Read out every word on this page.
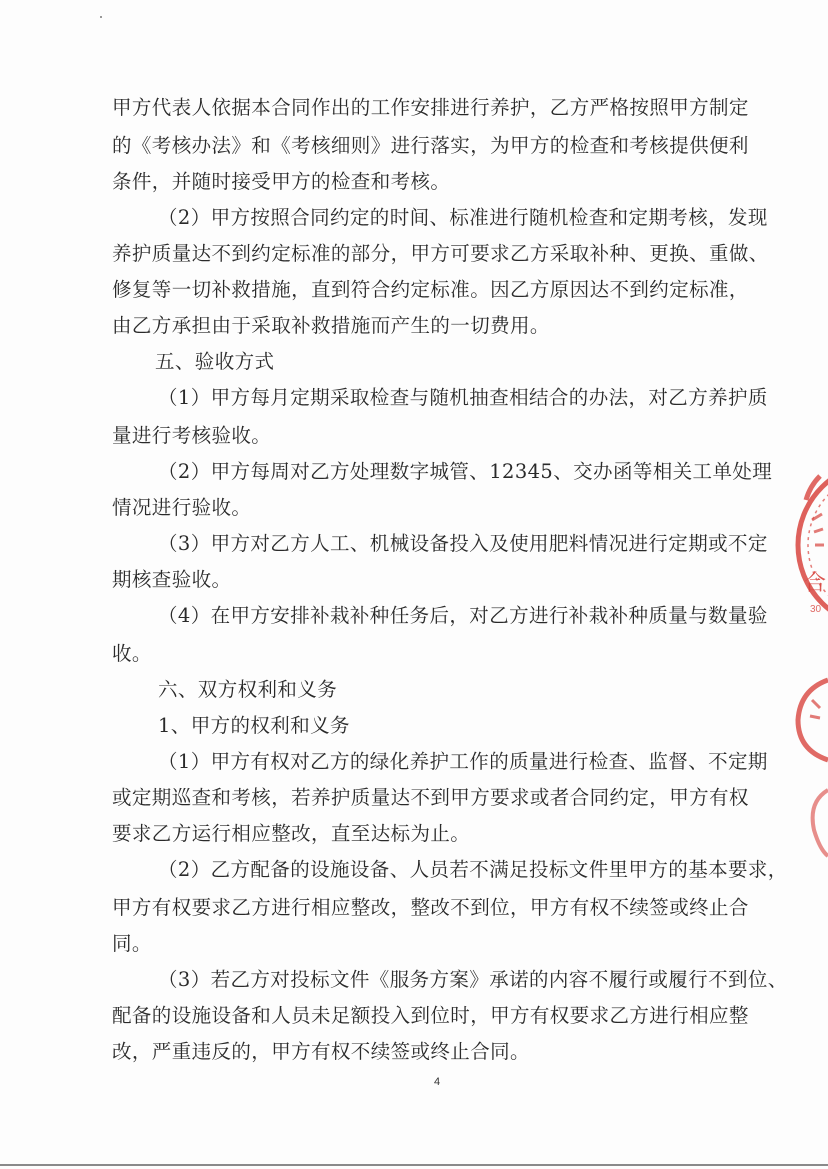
甲方代表人依据本合同作出的工作安排进行养护，乙方严格按照甲方制定
的《考核办法》和《考核细则》进行落实，为甲方的检查和考核提供便利
条件，并随时接受甲方的检查和考核。
（2）甲方按照合同约定的时间、标准进行随机检查和定期考核，发现
养护质量达不到约定标准的部分，甲方可要求乙方采取补种、更换、重做、
修复等一切补救措施，直到符合约定标准。因乙方原因达不到约定标准，
由乙方承担由于采取补救措施而产生的一切费用。
五、验收方式
（1）甲方每月定期采取检查与随机抽查相结合的办法，对乙方养护质
量进行考核验收。
（2）甲方每周对乙方处理数字城管、12345、交办函等相关工单处理
情况进行验收。
（3）甲方对乙方人工、机械设备投入及使用肥料情况进行定期或不定
期核查验收。
（4）在甲方安排补栽补种任务后，对乙方进行补栽补种质量与数量验
收。
六、双方权利和义务
1、甲方的权利和义务
（1）甲方有权对乙方的绿化养护工作的质量进行检查、监督、不定期
或定期巡查和考核，若养护质量达不到甲方要求或者合同约定，甲方有权
要求乙方运行相应整改，直至达标为止。
（2）乙方配备的设施设备、人员若不满足投标文件里甲方的基本要求，
甲方有权要求乙方进行相应整改，整改不到位，甲方有权不续签或终止合
同。
（3）若乙方对投标文件《服务方案》承诺的内容不履行或履行不到位、
配备的设施设备和人员未足额投入到位时，甲方有权要求乙方进行相应整
改，严重违反的，甲方有权不续签或终止合同。
4
合
30
